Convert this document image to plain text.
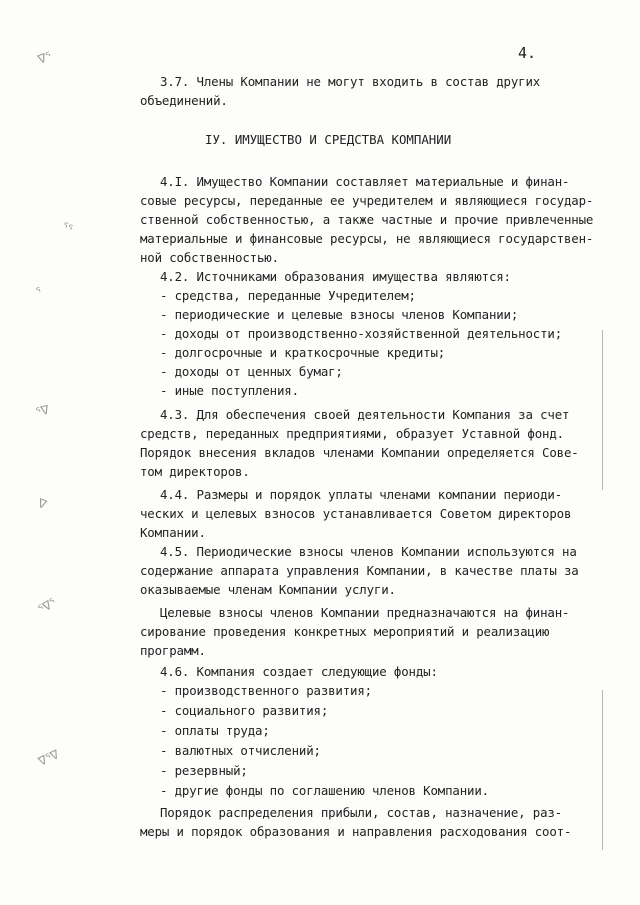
ᐁᕐ
ᕐᕐ
ᕐ
ᕐᐁ
ᐁ
ᕐᐁᕐ
ᐁᕐᐁ
4.
3.7. Члены Компании не могут входить в состав других
объединений.
IУ. ИМУЩЕСТВО И СРЕДСТВА КОМПАНИИ
4.I. Имущество Компании составляет материальные и финан-
совые ресурсы, переданные ее учредителем и являющиеся государ-
ственной собственностью, а также частные и прочие привлеченные
материальные и финансовые ресурсы, не являющиеся государствен-
ной собственностью.
4.2. Источниками образования имущества являются:
- средства, переданные Учредителем;
- периодические и целевые взносы членов Компании;
- доходы от производственно-хозяйственной деятельности;
- долгосрочные и краткосрочные кредиты;
- доходы от ценных бумаг;
- иные поступления.
4.3. Для обеспечения своей деятельности Компания за счет
средств, переданных предприятиями, образует Уставной фонд.
Порядок внесения вкладов членами Компании определяется Сове-
том директоров.
4.4. Размеры и порядок уплаты членами компании периоди-
ческих и целевых взносов устанавливается Советом директоров
Компании.
4.5. Периодические взносы членов Компании используются на
содержание аппарата управления Компании, в качестве платы за
оказываемые членам Компании услуги.
Целевые взносы членов Компании предназначаются на финан-
сирование проведения конкретных мероприятий и реализацию
программ.
4.6. Компания создает следующие фонды:
- производственного развития;
- социального развития;
- оплаты труда;
- валютных отчислений;
- резервный;
- другие фонды по соглашению членов Компании.
Порядок распределения прибыли, состав, назначение, раз-
меры и порядок образования и направления расходования соот-
